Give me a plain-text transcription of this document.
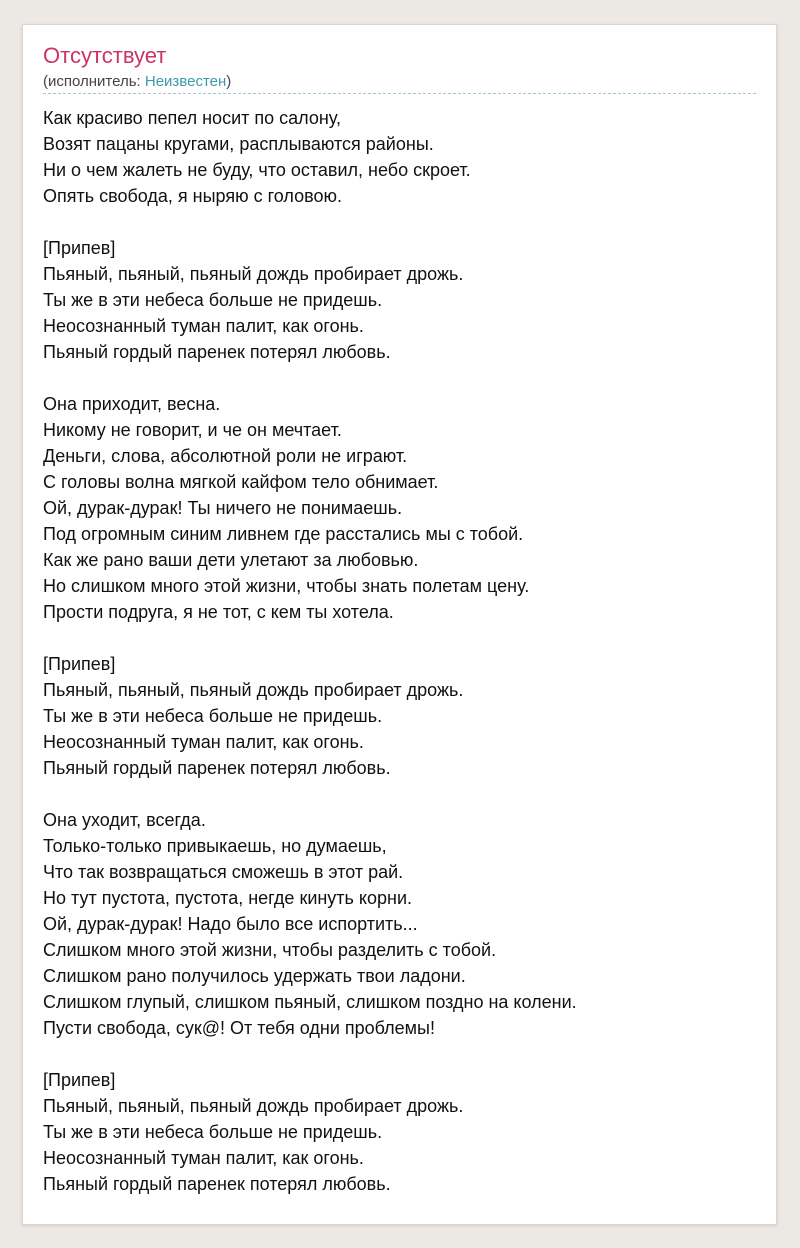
Отсутствует
(исполнитель: Неизвестен)
Как красиво пепел носит по салону,
Возят пацаны кругами, расплываются районы.
Ни о чем жалеть не буду, что оставил, небо скроет.
Опять свобода, я ныряю с головою.
[Припев]
Пьяный, пьяный, пьяный дождь пробирает дрожь.
Ты же в эти небеса больше не придешь.
Неосознанный туман палит, как огонь.
Пьяный гордый паренек потерял любовь.
Она приходит, весна.
Никому не говорит, и че он мечтает.
Деньги, слова, абсолютной роли не играют.
С головы волна мягкой кайфом тело обнимает.
Ой, дурак-дурак! Ты ничего не понимаешь.
Под огромным синим ливнем где расстались мы с тобой.
Как же рано ваши дети улетают за любовью.
Но слишком много этой жизни, чтобы знать полетам цену.
Прости подруга, я не тот, с кем ты хотела.
[Припев]
Пьяный, пьяный, пьяный дождь пробирает дрожь.
Ты же в эти небеса больше не придешь.
Неосознанный туман палит, как огонь.
Пьяный гордый паренек потерял любовь.
Она уходит, всегда.
Только-только привыкаешь, но думаешь,
Что так возвращаться сможешь в этот рай.
Но тут пустота, пустота, негде кинуть корни.
Ой, дурак-дурак! Надо было все испортить...
Слишком много этой жизни, чтобы разделить с тобой.
Слишком рано получилось удержать твои ладони.
Слишком глупый, слишком пьяный, слишком поздно на колени.
Пусти свобода, сук@! От тебя одни проблемы!
[Припев]
Пьяный, пьяный, пьяный дождь пробирает дрожь.
Ты же в эти небеса больше не придешь.
Неосознанный туман палит, как огонь.
Пьяный гордый паренек потерял любовь.
